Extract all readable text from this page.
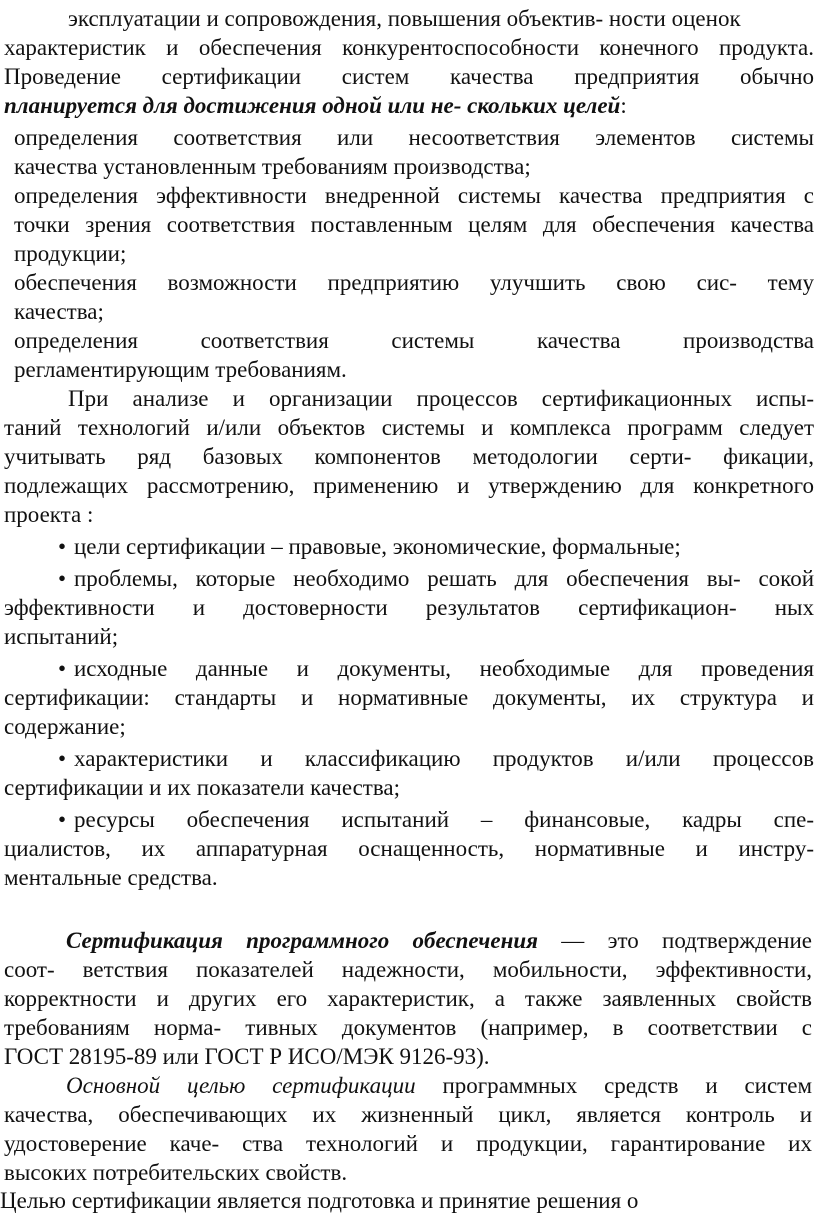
эксплуатации и сопровождения, повышения объектив- ности оценок
характеристик и обеспечения конкурентоспособности конечного продукта.
Проведение сертификации систем качества предприятия обычно
планируется для достижения одной или не- скольких целей:
определения соответствия или несоответствия элементов системы
качества установленным требованиям производства;
определения эффективности внедренной системы качества предприятия с
точки зрения соответствия поставленным целям для обеспечения качества
продукции;
обеспечения возможности предприятию улучшить свою сис- тему
качества;
определения соответствия системы качества производства
регламентирующим требованиям.
При анализе и организации процессов сертификационных испы-
таний технологий и/или объектов системы и комплекса программ следует
учитывать ряд базовых компонентов методологии серти- фикации,
подлежащих рассмотрению, применению и утверждению для конкретного
проекта :
• цели сертификации – правовые, экономические, формальные;
• проблемы, которые необходимо решать для обеспечения вы- сокой
эффективности и достоверности результатов сертификацион- ных
испытаний;
• исходные данные и документы, необходимые для проведения
сертификации: стандарты и нормативные документы, их структура и
содержание;
• характеристики и классификацию продуктов и/или процессов
сертификации и их показатели качества;
• ресурсы обеспечения испытаний – финансовые, кадры спе-
циалистов, их аппаратурная оснащенность, нормативные и инстру-
ментальные средства.
Сертификация программного обеспечения — это подтверждение
соот- ветствия показателей надежности, мобильности, эффективности,
корректности и других его характеристик, а также заявленных свойств
требованиям норма- тивных документов (например, в соответствии с
ГОСТ 28195-89 или ГОСТ Р ИСО/МЭК 9126-93).
Основной целью сертификации программных средств и систем
качества, обеспечивающих их жизненный цикл, является контроль и
удостоверение каче- ства технологий и продукции, гарантирование их
высоких потребительских свойств.
Целью сертификации является подготовка и принятие решения о
